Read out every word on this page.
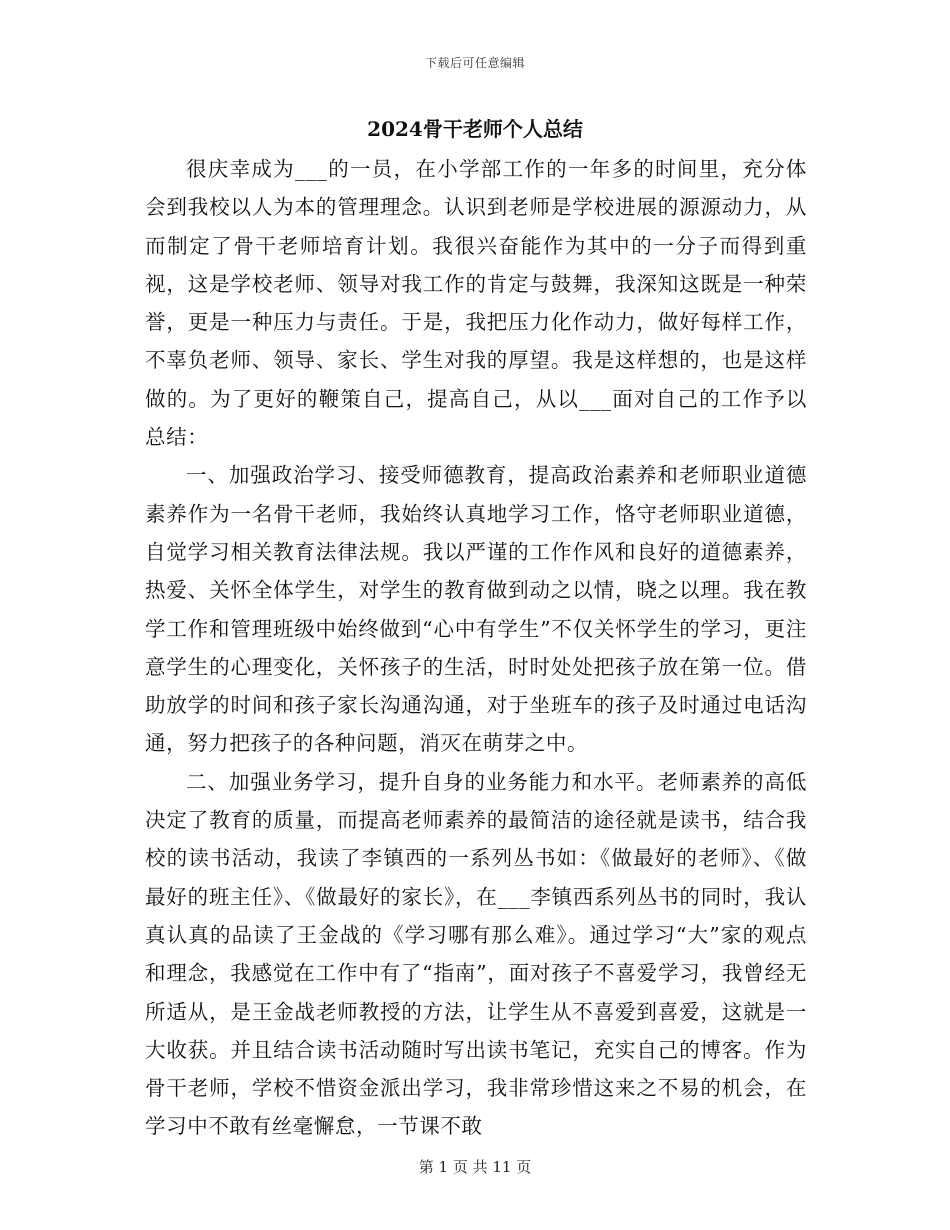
下载后可任意编辑
2024骨干老师个人总结

很庆幸成为___的一员，在小学部工作的一年多的时间里，充分体会到我校以人为本的管理理念。认识到老师是学校进展的源源动力，从而制定了骨干老师培育计划。我很兴奋能作为其中的一分子而得到重视，这是学校老师、领导对我工作的肯定与鼓舞，我深知这既是一种荣誉，更是一种压力与责任。于是，我把压力化作动力，做好每样工作，不辜负老师、领导、家长、学生对我的厚望。我是这样想的，也是这样做的。为了更好的鞭策自己，提高自己，从以___面对自己的工作予以总结：

一、加强政治学习、接受师德教育，提高政治素养和老师职业道德素养作为一名骨干老师，我始终认真地学习工作，恪守老师职业道德，自觉学习相关教育法律法规。我以严谨的工作作风和良好的道德素养，热爱、关怀全体学生，对学生的教育做到动之以情，晓之以理。我在教学工作和管理班级中始终做到“心中有学生”不仅关怀学生的学习，更注意学生的心理变化，关怀孩子的生活，时时处处把孩子放在第一位。借助放学的时间和孩子家长沟通沟通，对于坐班车的孩子及时通过电话沟通，努力把孩子的各种问题，消灭在萌芽之中。

二、加强业务学习，提升自身的业务能力和水平。老师素养的高低决定了教育的质量，而提高老师素养的最简洁的途径就是读书，结合我校的读书活动，我读了李镇西的一系列丛书如：《做最好的老师》、《做最好的班主任》、《做最好的家长》，在___李镇西系列丛书的同时，我认真认真的品读了王金战的《学习哪有那么难》。通过学习“大”家的观点和理念，我感觉在工作中有了“指南”，面对孩子不喜爱学习，我曾经无所适从，是王金战老师教授的方法，让学生从不喜爱到喜爱，这就是一大收获。并且结合读书活动随时写出读书笔记，充实自己的博客。作为骨干老师，学校不惜资金派出学习，我非常珍惜这来之不易的机会，在学习中不敢有丝毫懈怠，一节课不敢

第 1 页 共 11 页
